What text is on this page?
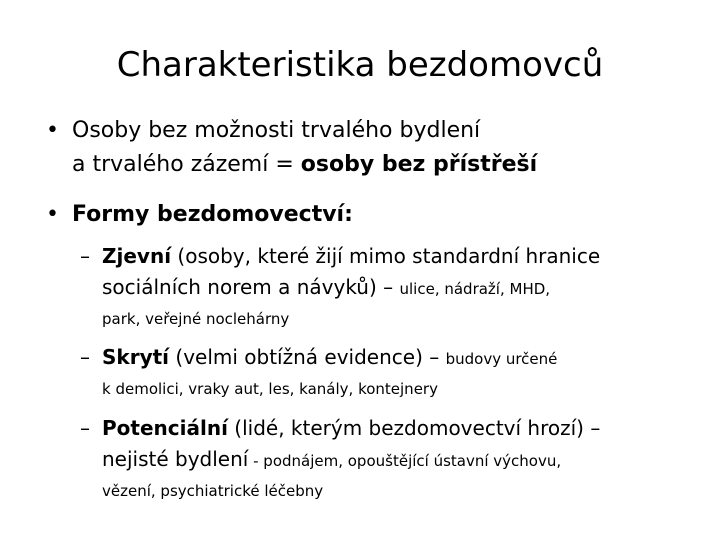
Charakteristika bezdomovců
• Osoby bez možnosti trvalého bydlení
a trvalého zázemí = osoby bez přístřeší
• Formy bezdomovectví:
– Zjevní (osoby, které žijí mimo standardní hranice
sociálních norem a návyků) – ulice, nádraží, MHD,
park, veřejné noclehárny
– Skrytí (velmi obtížná evidence) – budovy určené
k demolici, vraky aut, les, kanály, kontejnery
– Potenciální (lidé, kterým bezdomovectví hrozí) –
nejisté bydlení - podnájem, opouštějící ústavní výchovu,
vězení, psychiatrické léčebny
